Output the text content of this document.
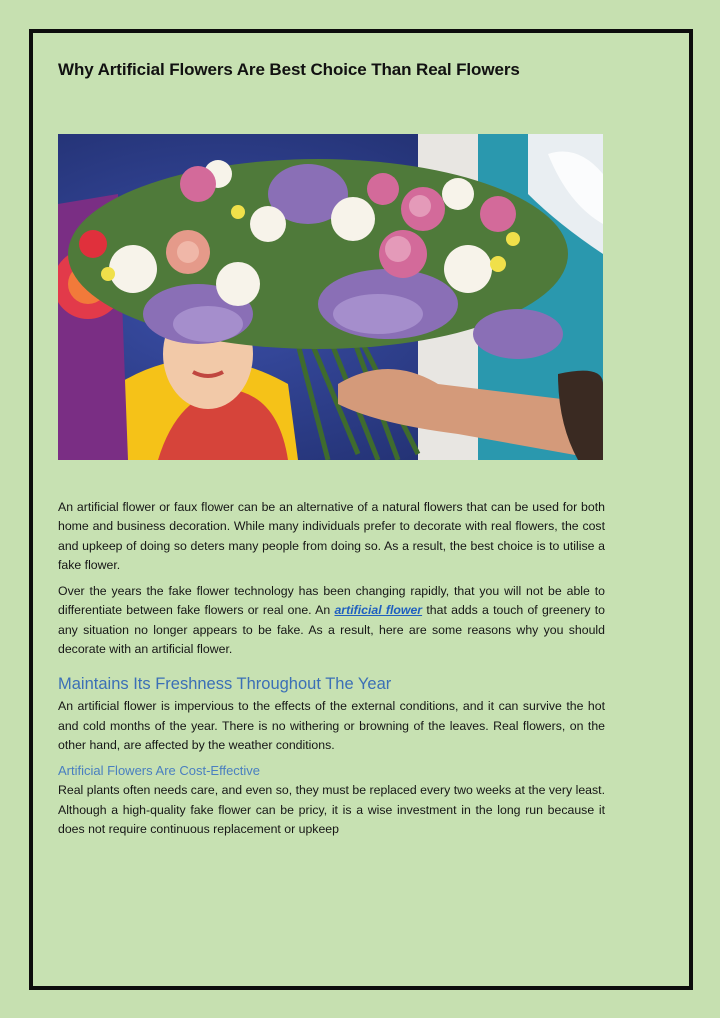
Why Artificial Flowers Are Best Choice Than Real Flowers

An artificial flower or faux flower can be an alternative of a natural flowers that can be used for both home and business decoration. While many individuals prefer to decorate with real flowers, the cost and upkeep of doing so deters many people from doing so. As a result, the best choice is to utilise a fake flower.

Over the years the fake flower technology has been changing rapidly, that you will not be able to differentiate between fake flowers or real one. An artificial flower that adds a touch of greenery to any situation no longer appears to be fake. As a result, here are some reasons why you should decorate with an artificial flower.

Maintains Its Freshness Throughout The Year

An artificial flower is impervious to the effects of the external conditions, and it can survive the hot and cold months of the year. There is no withering or browning of the leaves. Real flowers, on the other hand, are affected by the weather conditions.

Artificial Flowers Are Cost-Effective

Real plants often needs care, and even so, they must be replaced every two weeks at the very least. Although a high-quality fake flower can be pricy, it is a wise investment in the long run because it does not require continuous replacement or upkeep
